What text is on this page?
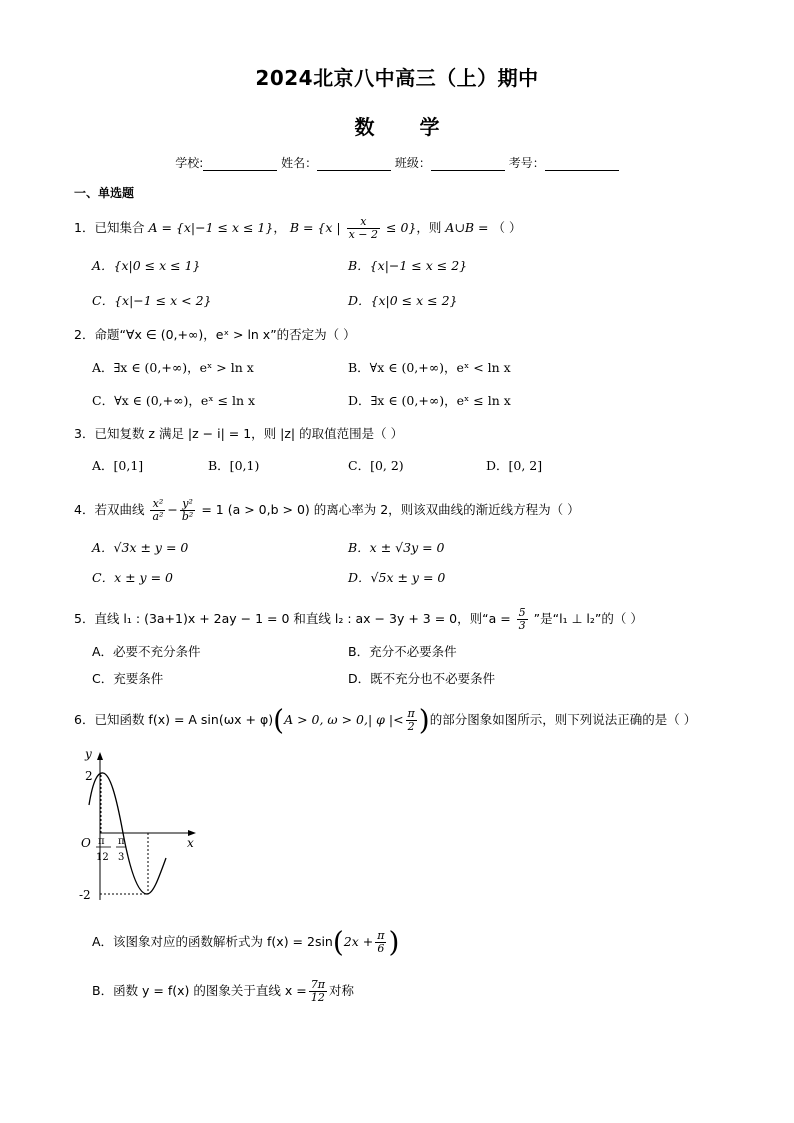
2024北京八中高三（上）期中
数 学
学校:	姓名：	班级：	考号：
一、单选题
1．已知集合 A = {x|−1 ≤ x ≤ 1}， B = {x | $\frac{x}{x - 2} \le 0$}，则 A∪B = （ ）
A．{x|0 ≤ x ≤ 1}	B．{x|−1 ≤ x ≤ 2}
C．{x|−1 ≤ x < 2}	D．{x|0 ≤ x ≤ 2}
2．命题“∀x ∈ (0,+∞)，eˣ > ln x”的否定为（ ）
A．∃x ∈ (0,+∞)，eˣ > ln x	B．∀x ∈ (0,+∞)，eˣ < ln x
C．∀x ∈ (0,+∞)，eˣ ≤ ln x	D．∃x ∈ (0,+∞)，eˣ ≤ ln x
3．已知复数 z 满足 |z − i| = 1，则 |z| 的取值范围是（ ）
A．[0,1]	B．[0,1)	C．[0, 2)	D．[0, 2]
4．若双曲线 $\frac{\text{x²}}{\text{a²}} - \frac{\text{y²}}{\text{b²}} = 1$ (a > 0,b > 0) 的离心率为 2，则该双曲线的渐近线方程为（ ）
A．√3x ± y = 0	B．x ± √3y = 0
C．x ± y = 0	D．√5x ± y = 0
5．直线 l₁ : (3a+1)x + 2ay − 1 = 0 和直线 l₂ : ax − 3y + 3 = 0，则“$a = \frac{5}{3}$ ”是“l₁ ⊥ l₂”的（ ）
A．必要不充分条件	B．充分不必要条件
C．充要条件	D．既不充分也不必要条件
6．已知函数 f(x) = A sin(ωx + φ)(A > 0, ω > 0,| φ |< $\frac{\pi}{2}$ )的部分图象如图所示，则下列说法正确的是（ ）
y
x
O
2
-2
π
12
π
3
A．该图象对应的函数解析式为 $f(x) = 2\sin(2x + \frac{\pi}{6}$ )
B．函数 y = f(x) 的图象关于直线 $x = \frac{7\pi}{12}$ 对称
